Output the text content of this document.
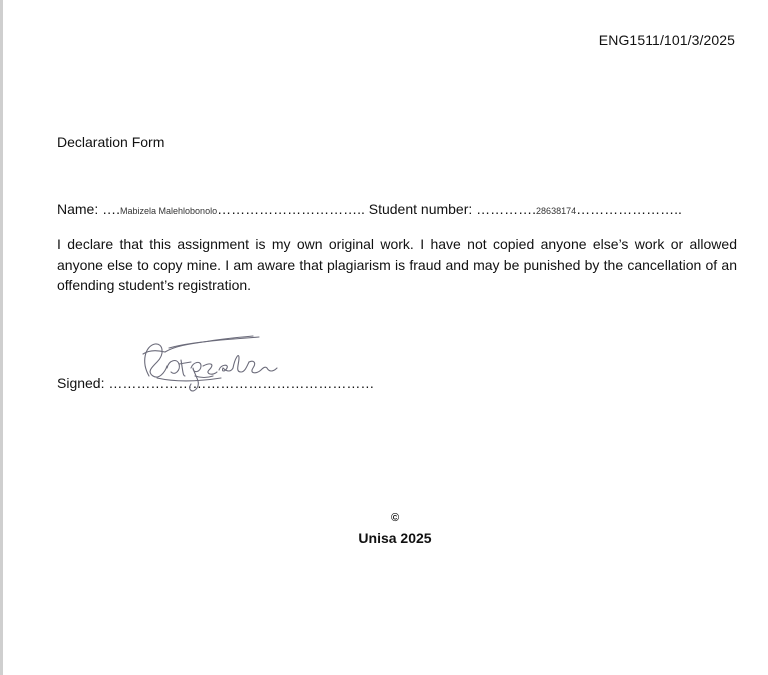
ENG1511/101/3/2025
Declaration Form
Name: ….Mabizela Malehlobonolo………………………….. Student number: ………….28638174…………………..

I declare that this assignment is my own original work. I have not copied anyone else’s work or allowed anyone else to copy mine. I am aware that plagiarism is fraud and may be punished by the cancellation of an offending student’s registration.

Signed: …………………………………………………
©
Unisa 2025
